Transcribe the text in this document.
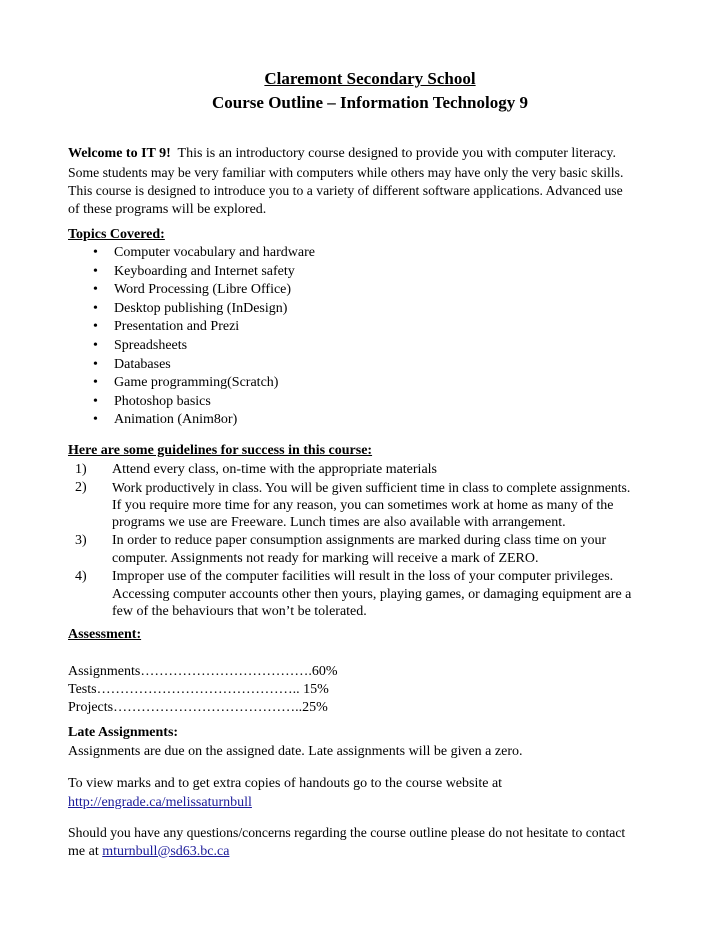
Claremont Secondary School
Course Outline – Information Technology 9

Welcome to IT 9!  This is an introductory course designed to provide you with computer literacy.

Some students may be very familiar with computers while others may have only the very basic skills.

This course is designed to introduce you to a variety of different software applications. Advanced use

of these programs will be explored.

Topics Covered:

• Computer vocabulary and hardware
• Keyboarding and Internet safety
• Word Processing (Libre Office)
• Desktop publishing (InDesign)
• Presentation and Prezi
• Spreadsheets
• Databases
• Game programming(Scratch)
• Photoshop basics
• Animation (Anim8or)

Here are some guidelines for success in this course:

1) Attend every class, on-time with the appropriate materials
2) Work productively in class. You will be given sufficient time in class to complete assignments.
If you require more time for any reason, you can sometimes work at home as many of the
programs we use are Freeware. Lunch times are also available with arrangement.
3) In order to reduce paper consumption assignments are marked during class time on your
computer. Assignments not ready for marking will receive a mark of ZERO.
4) Improper use of the computer facilities will result in the loss of your computer privileges.
Accessing computer accounts other then yours, playing games, or damaging equipment are a
few of the behaviours that won’t be tolerated.

Assessment:

Assignments……………………………….60%

Tests…………………………………….. 15%

Projects…………………………………..25%

Late Assignments:

Assignments are due on the assigned date. Late assignments will be given a zero.

To view marks and to get extra copies of handouts go to the course website at

http://engrade.ca/melissaturnbull

Should you have any questions/concerns regarding the course outline please do not hesitate to contact

me at mturnbull@sd63.bc.ca
